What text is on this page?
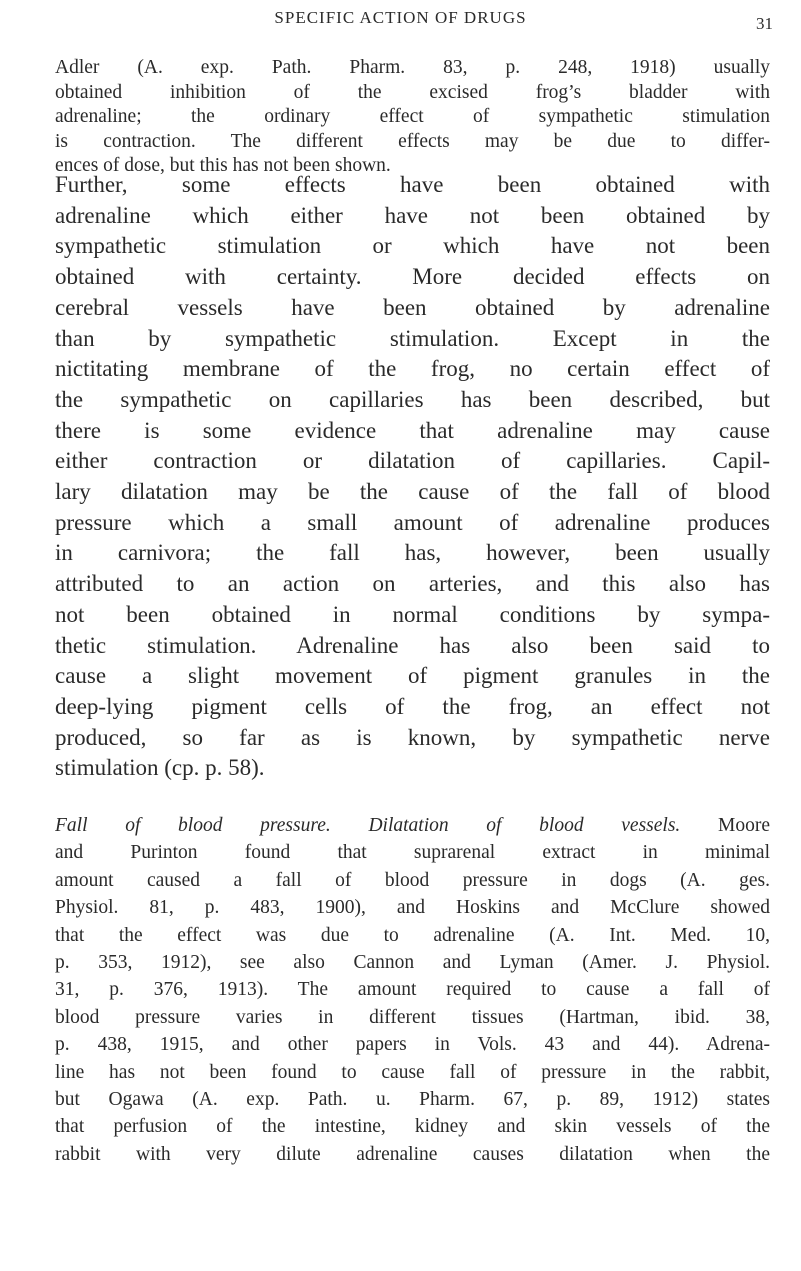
SPECIFIC ACTION OF DRUGS	31
Adler (A. exp. Path. Pharm. 83, p. 248, 1918) usually
obtained inhibition of the excised frog’s bladder with
adrenaline; the ordinary effect of sympathetic stimulation
is contraction. The different effects may be due to differ-
ences of dose, but this has not been shown.
Further, some effects have been obtained with
adrenaline which either have not been obtained by
sympathetic stimulation or which have not been
obtained with certainty. More decided effects on
cerebral vessels have been obtained by adrenaline
than by sympathetic stimulation. Except in the
nictitating membrane of the frog, no certain effect of
the sympathetic on capillaries has been described, but
there is some evidence that adrenaline may cause
either contraction or dilatation of capillaries. Capil-
lary dilatation may be the cause of the fall of blood
pressure which a small amount of adrenaline produces
in carnivora; the fall has, however, been usually
attributed to an action on arteries, and this also has
not been obtained in normal conditions by sympa-
thetic stimulation. Adrenaline has also been said to
cause a slight movement of pigment granules in the
deep-lying pigment cells of the frog, an effect not
produced, so far as is known, by sympathetic nerve
stimulation (cp. p. 58).
Fall of blood pressure. Dilatation of blood vessels. Moore
and Purinton found that suprarenal extract in minimal
amount caused a fall of blood pressure in dogs (A. ges.
Physiol. 81, p. 483, 1900), and Hoskins and McClure showed
that the effect was due to adrenaline (A. Int. Med. 10,
p. 353, 1912), see also Cannon and Lyman (Amer. J. Physiol.
31, p. 376, 1913). The amount required to cause a fall of
blood pressure varies in different tissues (Hartman, ibid. 38,
p. 438, 1915, and other papers in Vols. 43 and 44). Adrena-
line has not been found to cause fall of pressure in the rabbit,
but Ogawa (A. exp. Path. u. Pharm. 67, p. 89, 1912) states
that perfusion of the intestine, kidney and skin vessels of the
rabbit with very dilute adrenaline causes dilatation when the
